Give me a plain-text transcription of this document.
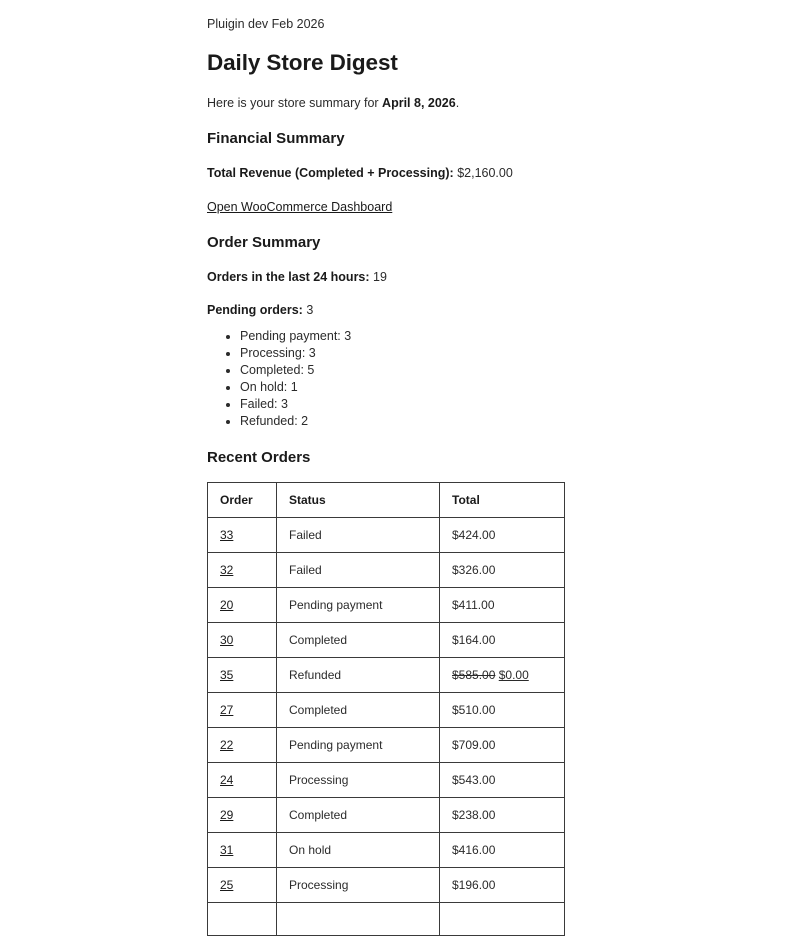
Pluigin dev Feb 2026
Daily Store Digest

Here is your store summary for April 8, 2026.

Financial Summary

Total Revenue (Completed + Processing): $2,160.00

Open WooCommerce Dashboard

Order Summary

Orders in the last 24 hours: 19

Pending orders: 3

• Pending payment: 3
• Processing: 3
• Completed: 5
• On hold: 1
• Failed: 3
• Refunded: 2
Recent Orders
Order	Status	Total
33	Failed	$424.00
32	Failed	$326.00
20	Pending payment	$411.00
30	Completed	$164.00
35	Refunded	$585.00 $0.00
27	Completed	$510.00
22	Pending payment	$709.00
24	Processing	$543.00
29	Completed	$238.00
31	On hold	$416.00
25	Processing	$196.00
